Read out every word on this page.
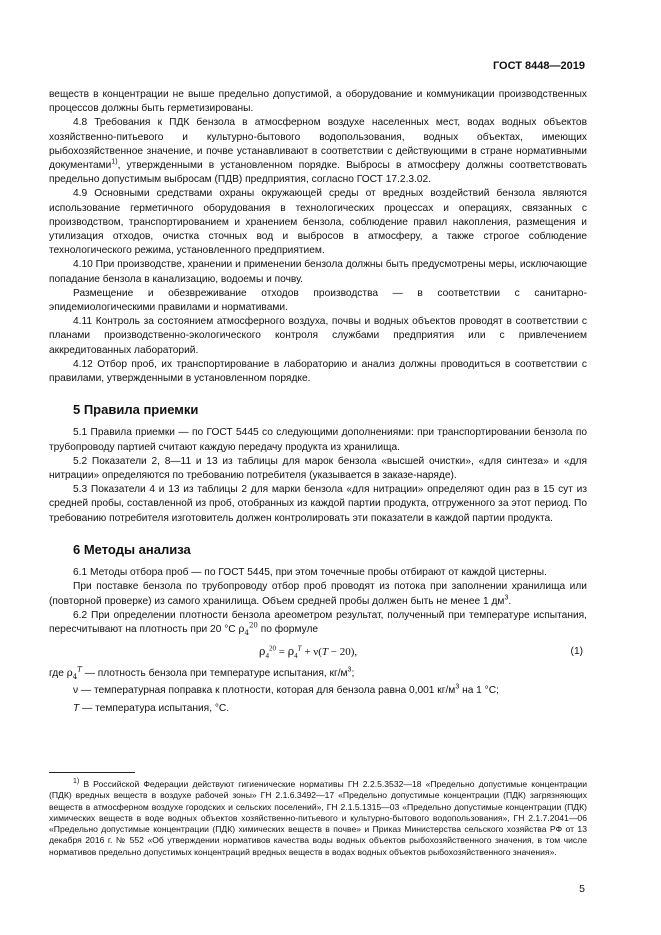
ГОСТ 8448—2019

веществ в концентрации не выше предельно допустимой, а оборудование и коммуникации производственных процессов должны быть герметизированы.

4.8 Требования к ПДК бензола в атмосферном воздухе населенных мест, водах водных объектов хозяйственно-питьевого и культурно-бытового водопользования, водных объектах, имеющих рыбохозяйственное значение, и почве устанавливают в соответствии с действующими в стране нормативными документами$^{1)}$, утвержденными в установленном порядке. Выбросы в атмосферу должны соответствовать предельно допустимым выбросам (ПДВ) предприятия, согласно ГОСТ 17.2.3.02.

4.9 Основными средствами охраны окружающей среды от вредных воздействий бензола являются использование герметичного оборудования в технологических процессах и операциях, связанных с производством, транспортированием и хранением бензола, соблюдение правил накопления, размещения и утилизация отходов, очистка сточных вод и выбросов в атмосферу, а также строгое соблюдение технологического режима, установленного предприятием.

4.10 При производстве, хранении и применении бензола должны быть предусмотрены меры, исключающие попадание бензола в канализацию, водоемы и почву.

Размещение и обезвреживание отходов производства — в соответствии с санитарно-эпидемиологическими правилами и нормативами.

4.11 Контроль за состоянием атмосферного воздуха, почвы и водных объектов проводят в соответствии с планами производственно-экологического контроля службами предприятия или с привлечением аккредитованных лабораторий.

4.12 Отбор проб, их транспортирование в лабораторию и анализ должны проводиться в соответствии с правилами, утвержденными в установленном порядке.

5 Правила приемки

5.1 Правила приемки — по ГОСТ 5445 со следующими дополнениями: при транспортировании бензола по трубопроводу партией считают каждую передачу продукта из хранилища.

5.2 Показатели 2, 8—11 и 13 из таблицы для марок бензола «высшей очистки», «для синтеза» и «для нитрации» определяются по требованию потребителя (указывается в заказе-наряде).

5.3 Показатели 4 и 13 из таблицы 2 для марки бензола «для нитрации» определяют один раз в 15 сут из средней пробы, составленной из проб, отобранных из каждой партии продукта, отгруженного за этот период. По требованию потребителя изготовитель должен контролировать эти показатели в каждой партии продукта.

6 Методы анализа

6.1 Методы отбора проб — по ГОСТ 5445, при этом точечные пробы отбирают от каждой цистерны.

При поставке бензола по трубопроводу отбор проб проводят из потока при заполнении хранилища или (повторной проверке) из самого хранилища. Объем средней пробы должен быть не менее 1 $дм^3$.

6.2 При определении плотности бензола ареометром результат, полученный при температуре испытания, пересчитывают на плотность при 20 °С $\rho_4^{20}$ по формуле

$\rho_4^{20} = \rho_4^T + \nu(T - 20)$,	(1)

где $\rho_4^T$ — плотность бензола при температуре испытания, $кг/м^3$;

ν — температурная поправка к плотности, которая для бензола равна 0,001 $кг/м^3$ на 1 °С;

T — температура испытания, °С.

$^{1)}$ В Российской Федерации действуют гигиенические нормативы ГН 2.2.5.3532—18 «Предельно допустимые концентрации (ПДК) вредных веществ в воздухе рабочей зоны» ГН 2.1.6.3492—17 «Предельно допустимые концентрации (ПДК) загрязняющих веществ в атмосферном воздухе городских и сельских поселений», ГН 2.1.5.1315—03 «Предельно допустимые концентрации (ПДК) химических веществ в воде водных объектов хозяйственно-питьевого и культурно-бытового водопользования», ГН 2.1.7.2041—06 «Предельно допустимые концентрации (ПДК) химических веществ в почве» и Приказ Министерства сельского хозяйства РФ от 13 декабря 2016 г. № 552 «Об утверждении нормативов качества воды водных объектов рыбохозяйственного значения, в том числе нормативов предельно допустимых концентраций вредных веществ в водах водных объектов рыбохозяйственного значения».

5
